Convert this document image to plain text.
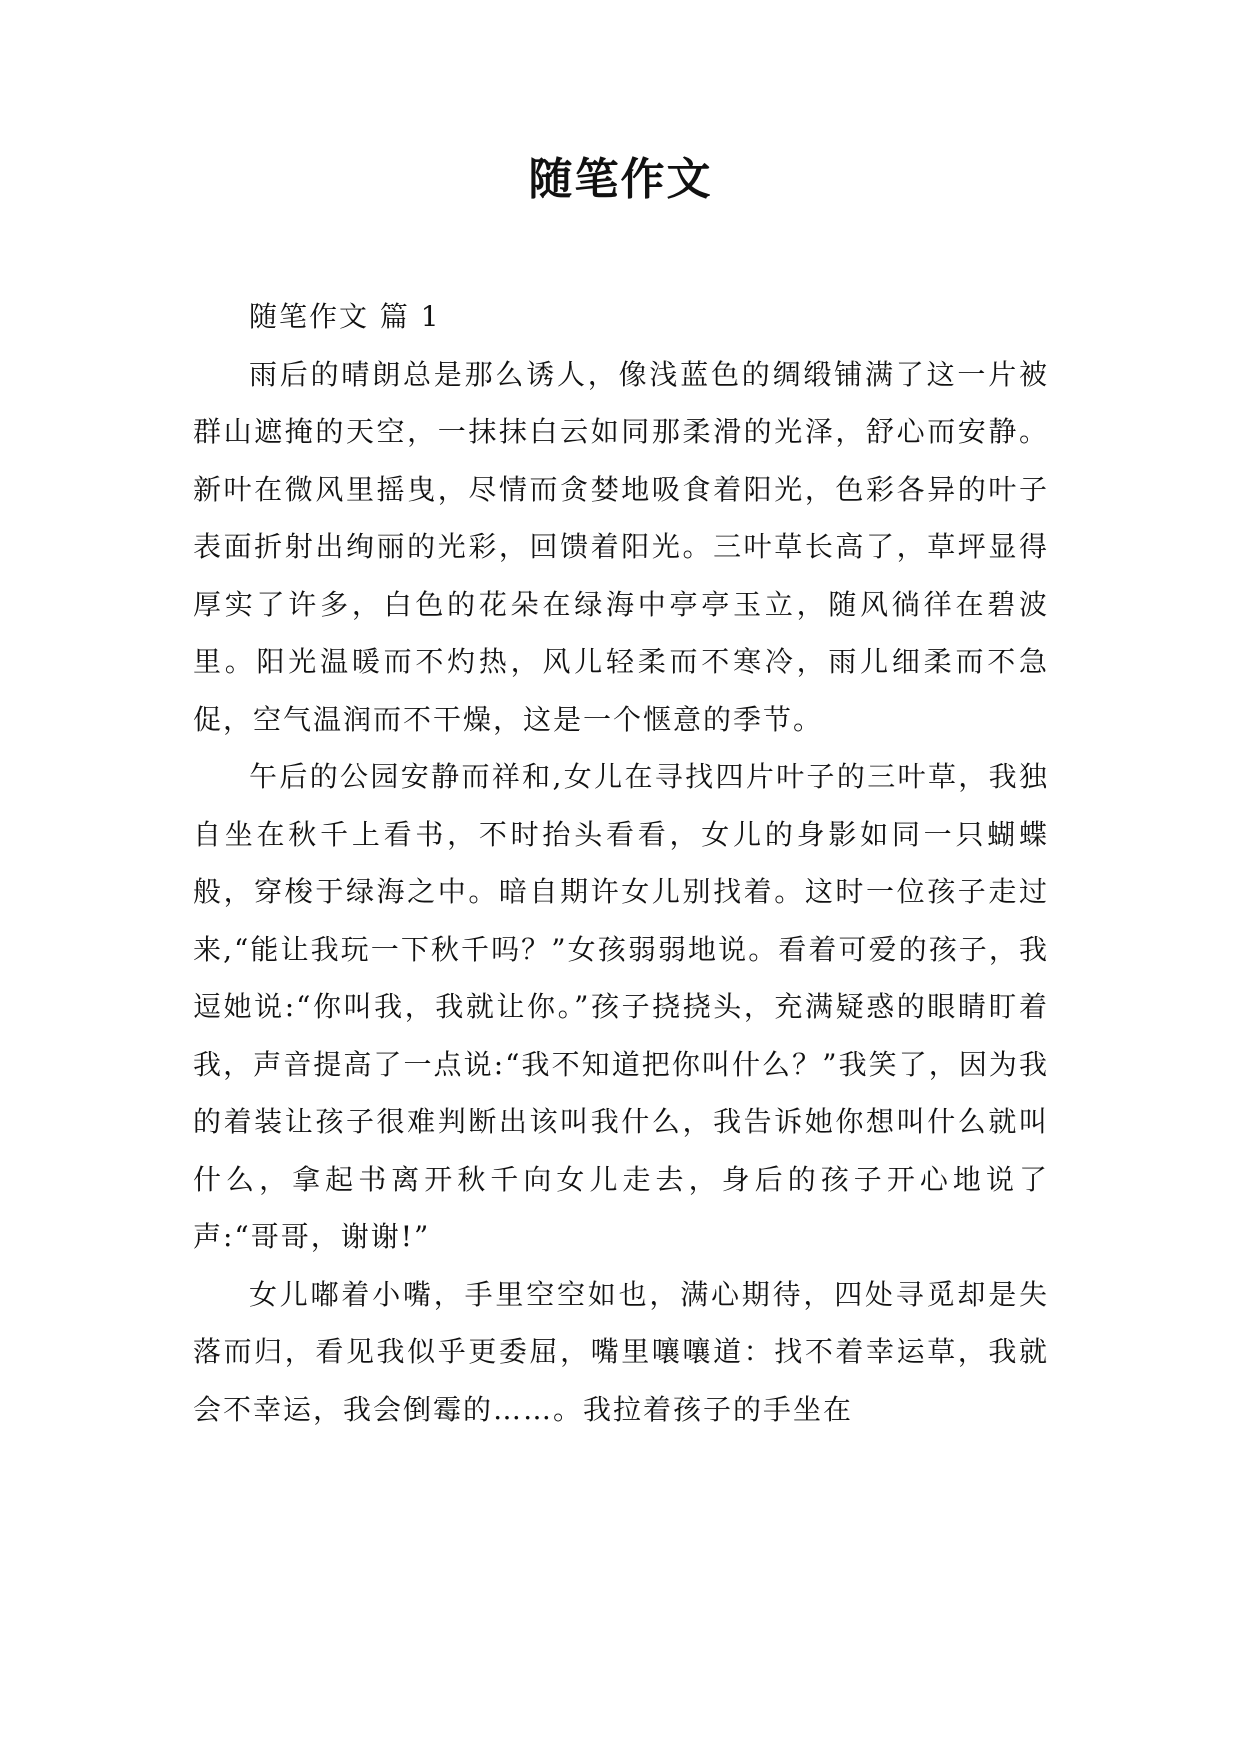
随笔作文

随笔作文 篇 1

雨后的晴朗总是那么诱人，像浅蓝色的绸缎铺满了这一片被群山遮掩的天空，一抹抹白云如同那柔滑的光泽，舒心而安静。新叶在微风里摇曳，尽情而贪婪地吸食着阳光，色彩各异的叶子表面折射出绚丽的光彩，回馈着阳光。三叶草长高了，草坪显得厚实了许多，白色的花朵在绿海中亭亭玉立，随风徜徉在碧波里。阳光温暖而不灼热，风儿轻柔而不寒冷，雨儿细柔而不急促，空气温润而不干燥，这是一个惬意的季节。

午后的公园安静而祥和,女儿在寻找四片叶子的三叶草，我独自坐在秋千上看书，不时抬头看看，女儿的身影如同一只蝴蝶般，穿梭于绿海之中。暗自期许女儿别找着。这时一位孩子走过来,“能让我玩一下秋千吗？”女孩弱弱地说。看着可爱的孩子，我逗她说:“你叫我，我就让你。”孩子挠挠头，充满疑惑的眼睛盯着我，声音提高了一点说:“我不知道把你叫什么？”我笑了，因为我的着装让孩子很难判断出该叫我什么，我告诉她你想叫什么就叫什么，拿起书离开秋千向女儿走去，身后的孩子开心地说了声:“哥哥，谢谢!”

女儿嘟着小嘴，手里空空如也，满心期待，四处寻觅却是失落而归，看见我似乎更委屈，嘴里嚷嚷道：找不着幸运草，我就会不幸运，我会倒霉的……。我拉着孩子的手坐在
